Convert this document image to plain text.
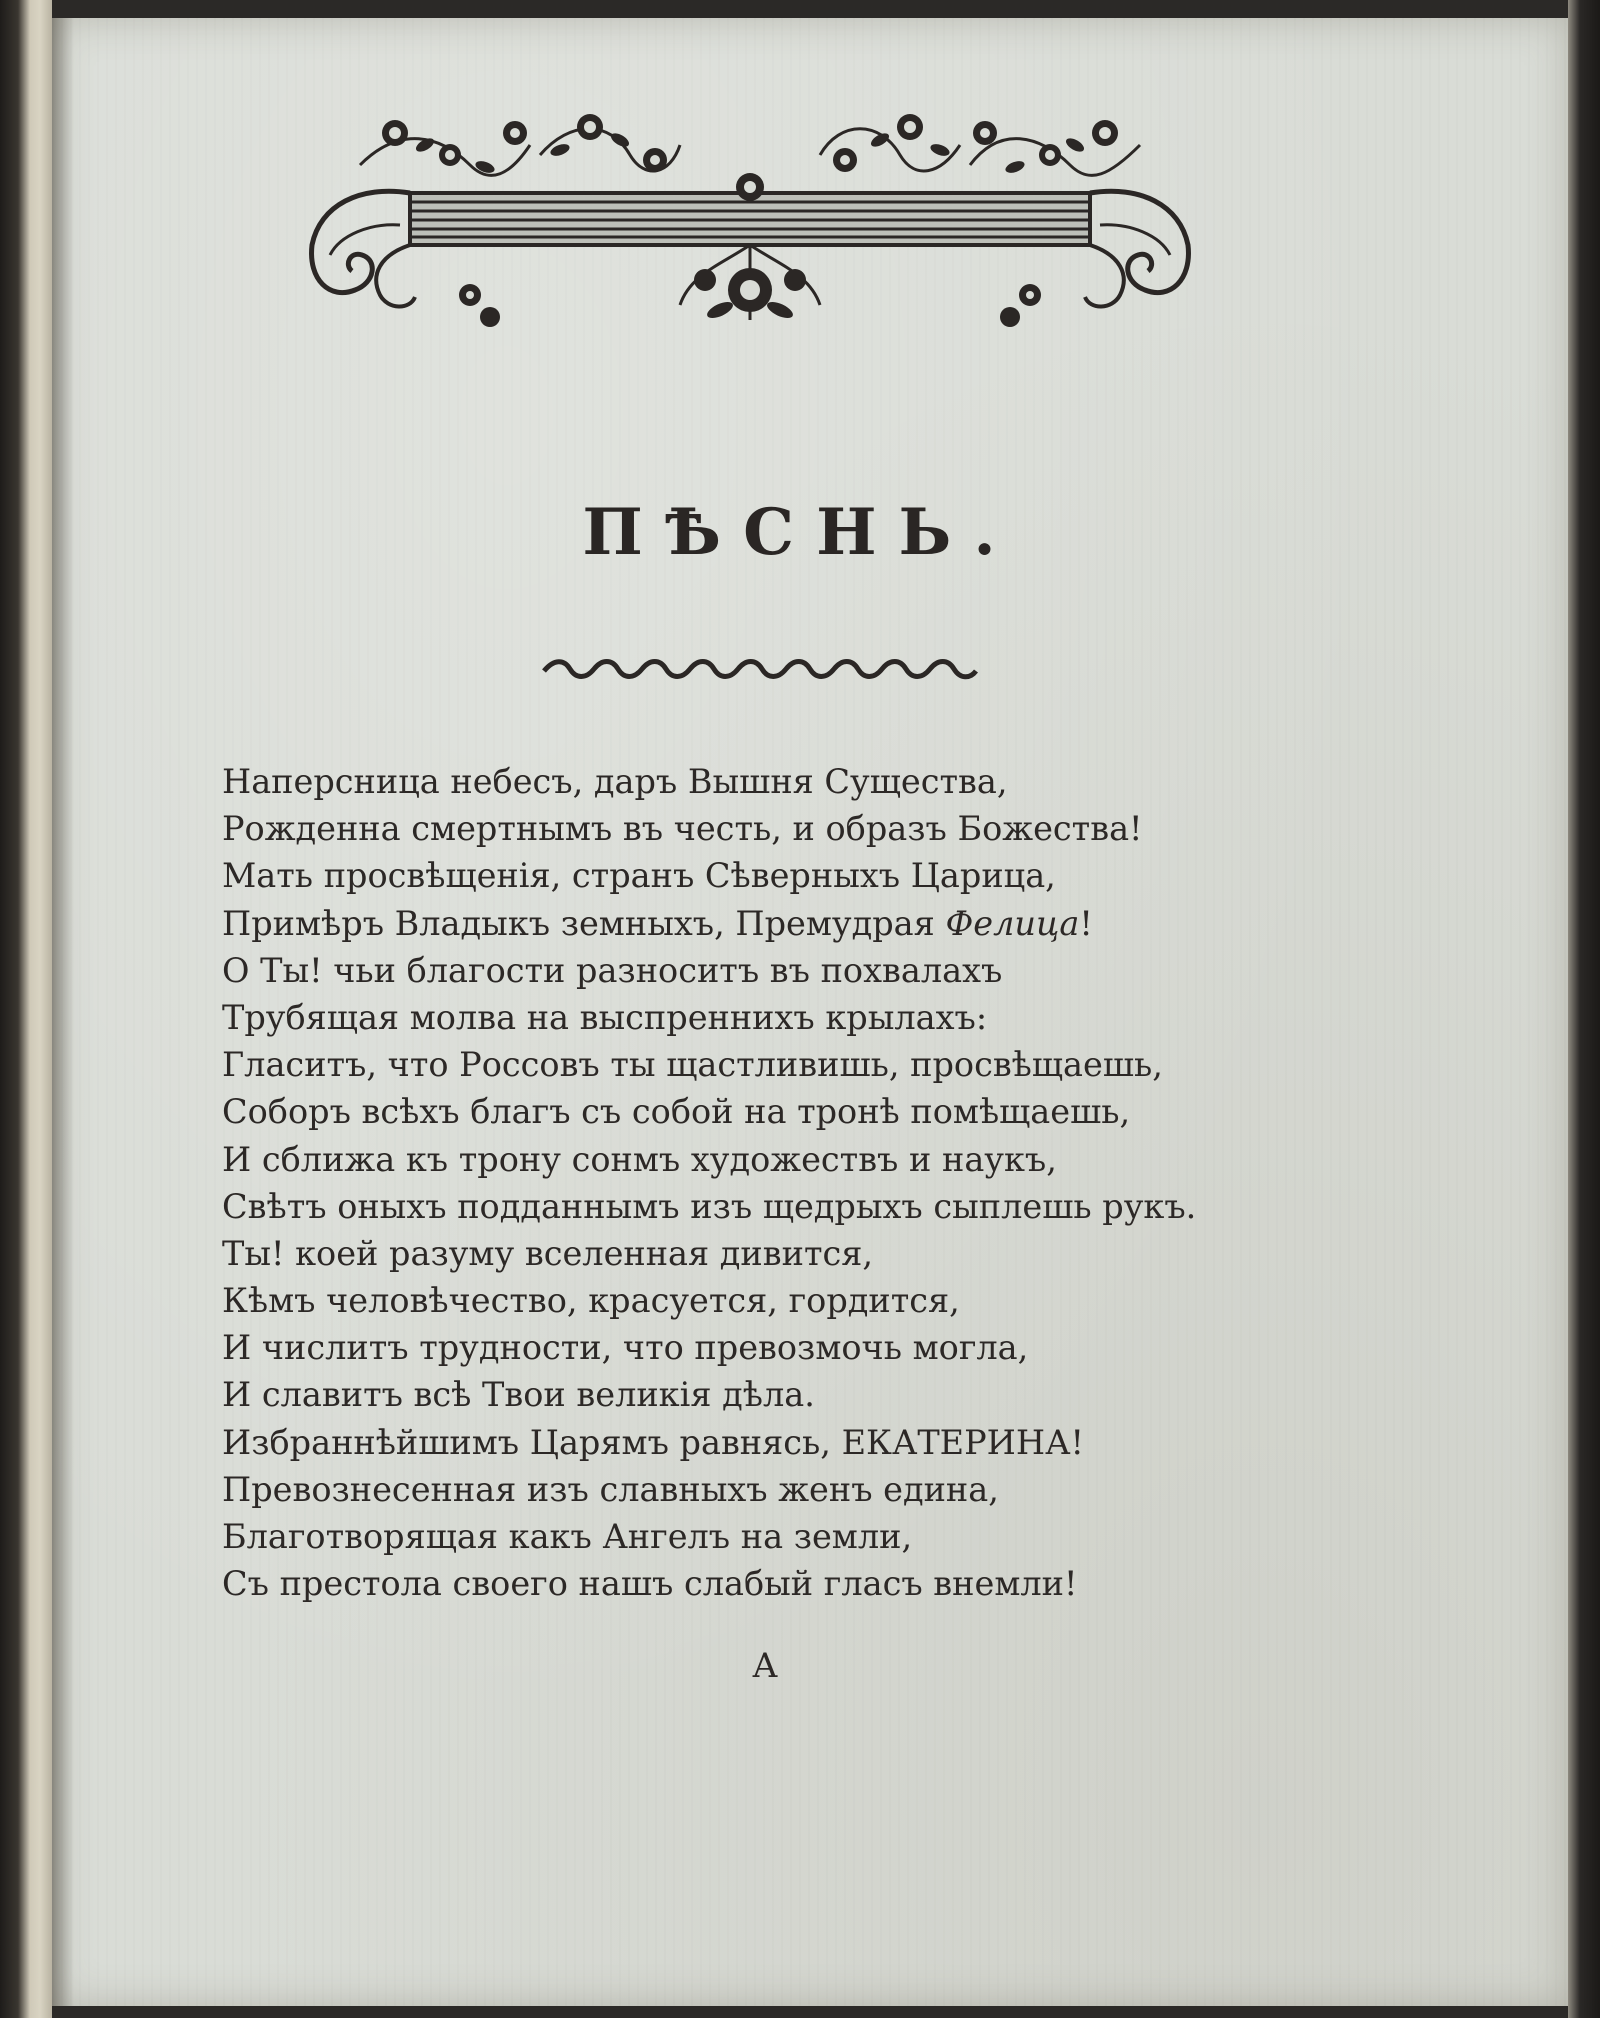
ПѢСНЬ.
Наперсница небесъ, даръ Вышня Существа,
Рожденна смертнымъ въ честь, и образъ Божества!
Мать просвѣщенія, странъ Сѣверныхъ Царица,
Примѣръ Владыкъ земныхъ, Премудрая Фелица!
О Ты! чьи благости разноситъ въ похвалахъ
Трубящая молва на выспреннихъ крылахъ:
Гласитъ, что Россовъ ты щастливишь, просвѣщаешь,
Соборъ всѣхъ благъ съ собой на тронѣ помѣщаешь,
И сближа къ трону сонмъ художествъ и наукъ,
Свѣтъ оныхъ подданнымъ изъ щедрыхъ сыплешь рукъ.
Ты! коей разуму вселенная дивится,
Кѣмъ человѣчество, красуется, гордится,
И числитъ трудности, что превозмочь могла,
И славитъ всѣ Твои великія дѣла.
Избраннѣйшимъ Царямъ равнясь, ЕКАТЕРИНА!
Превознесенная изъ славныхъ женъ едина,
Благотворящая какъ Ангелъ на земли,
Съ престола своего нашъ слабый гласъ внемли!
А
